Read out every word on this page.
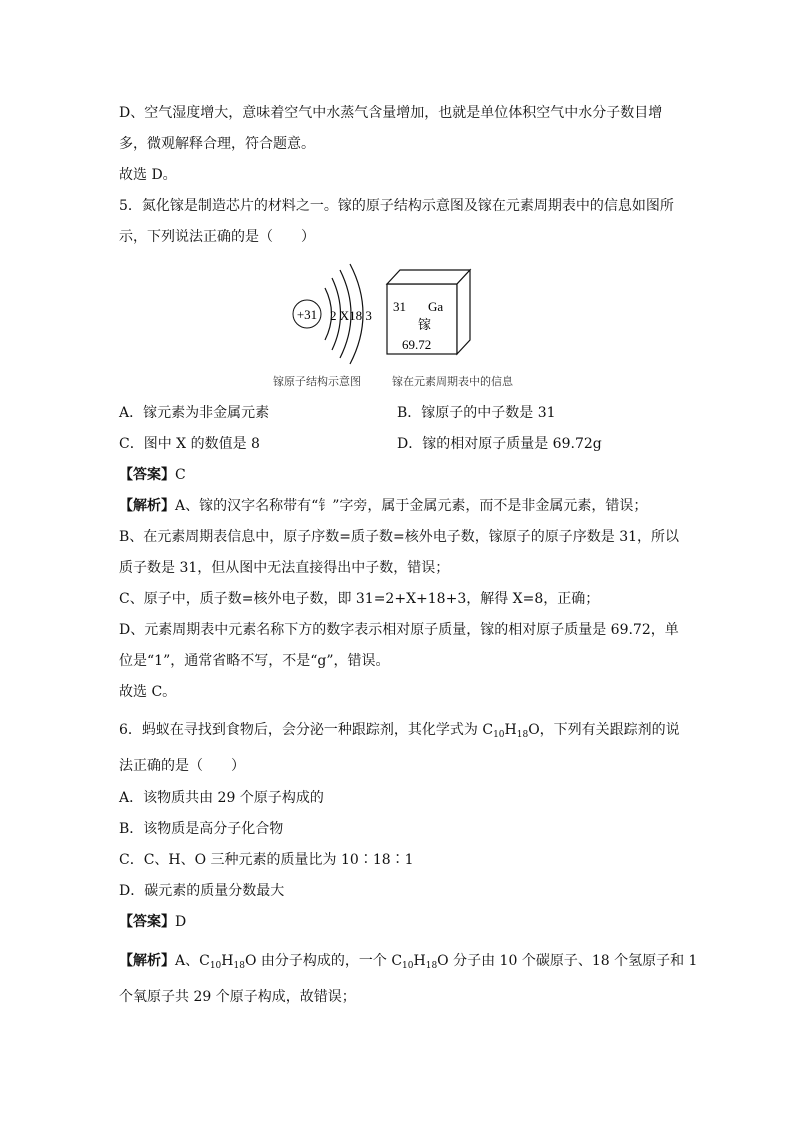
D、空气湿度增大，意味着空气中水蒸气含量增加，也就是单位体积空气中水分子数目增
多，微观解释合理，符合题意。
故选 D。
5．氮化镓是制造芯片的材料之一。镓的原子结构示意图及镓在元素周期表中的信息如图所
示，下列说法正确的是（　　）
+31 2 X18 3
31 Ga
镓
69.72
镓原子结构示意图	镓在元素周期表中的信息
A．镓元素为非金属元素	B．镓原子的中子数是 31
C．图中 X 的数值是 8	D．镓的相对原子质量是 69.72g
【答案】C
【解析】A、镓的汉字名称带有“钅”字旁，属于金属元素，而不是非金属元素，错误；
B、在元素周期表信息中，原子序数=质子数=核外电子数，镓原子的原子序数是 31，所以
质子数是 31，但从图中无法直接得出中子数，错误；
C、原子中，质子数=核外电子数，即 31=2+X+18+3，解得 X=8，正确；
D、元素周期表中元素名称下方的数字表示相对原子质量，镓的相对原子质量是 69.72，单
位是“1”，通常省略不写，不是“g”，错误。
故选 C。
6．蚂蚁在寻找到食物后，会分泌一种跟踪剂，其化学式为 $C_{10}H_{18}O$，下列有关跟踪剂的说
法正确的是（　　）
A．该物质共由 29 个原子构成的
B．该物质是高分子化合物
C．C、H、O 三种元素的质量比为 10∶18∶1
D．碳元素的质量分数最大
【答案】D
【解析】A、$C_{10}H_{18}O$ 由分子构成的，一个 $C_{10}H_{18}O$ 分子由 10 个碳原子、18 个氢原子和 1
个氧原子共 29 个原子构成，故错误；
